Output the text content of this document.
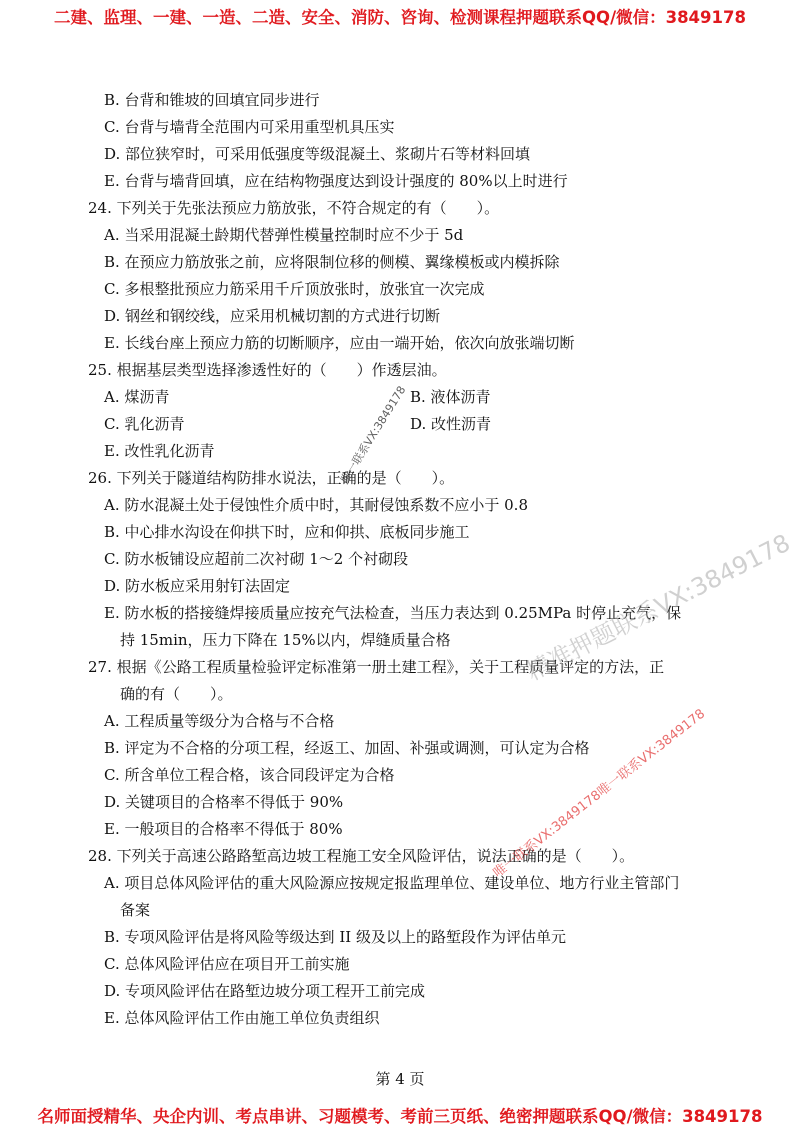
二建、监理、一建、一造、二造、安全、消防、咨询、检测课程押题联系QQ/微信：3849178
B. 台背和锥坡的回填宜同步进行
C. 台背与墙背全范围内可采用重型机具压实
D. 部位狭窄时，可采用低强度等级混凝土、浆砌片石等材料回填
E. 台背与墙背回填，应在结构物强度达到设计强度的 80%以上时进行
24. 下列关于先张法预应力筋放张，不符合规定的有（　　）。
A. 当采用混凝土龄期代替弹性模量控制时应不少于 5d
B. 在预应力筋放张之前，应将限制位移的侧模、翼缘模板或内模拆除
C. 多根整批预应力筋采用千斤顶放张时，放张宜一次完成
D. 钢丝和钢绞线，应采用机械切割的方式进行切断
E. 长线台座上预应力筋的切断顺序，应由一端开始，依次向放张端切断
25. 根据基层类型选择渗透性好的（　　）作透层油。
A. 煤沥青	B. 液体沥青
C. 乳化沥青	D. 改性沥青
E. 改性乳化沥青
26. 下列关于隧道结构防排水说法，正确的是（　　）。
A. 防水混凝土处于侵蚀性介质中时，其耐侵蚀系数不应小于 0.8
B. 中心排水沟设在仰拱下时，应和仰拱、底板同步施工
C. 防水板铺设应超前二次衬砌 1～2 个衬砌段
D. 防水板应采用射钉法固定
E. 防水板的搭接缝焊接质量应按充气法检查，当压力表达到 0.25MPa 时停止充气，保
持 15min，压力下降在 15%以内，焊缝质量合格
27. 根据《公路工程质量检验评定标准第一册土建工程》，关于工程质量评定的方法，正
确的有（　　）。
A. 工程质量等级分为合格与不合格
B. 评定为不合格的分项工程，经返工、加固、补强或调测，可认定为合格
C. 所含单位工程合格，该合同段评定为合格
D. 关键项目的合格率不得低于 90%
E. 一般项目的合格率不得低于 80%
28. 下列关于高速公路路堑高边坡工程施工安全风险评估，说法正确的是（　　）。
A. 项目总体风险评估的重大风险源应按规定报监理单位、建设单位、地方行业主管部门
备案
B. 专项风险评估是将风险等级达到 II 级及以上的路堑段作为评估单元
C. 总体风险评估应在项目开工前实施
D. 专项风险评估在路堑边坡分项工程开工前完成
E. 总体风险评估工作由施工单位负责组织
第 4 页
唯一联系VX:3849178
精准押题联系VX:3849178
唯一联系VX:3849178唯一联系VX:3849178
名师面授精华、央企内训、考点串讲、习题模考、考前三页纸、绝密押题联系QQ/微信：3849178
